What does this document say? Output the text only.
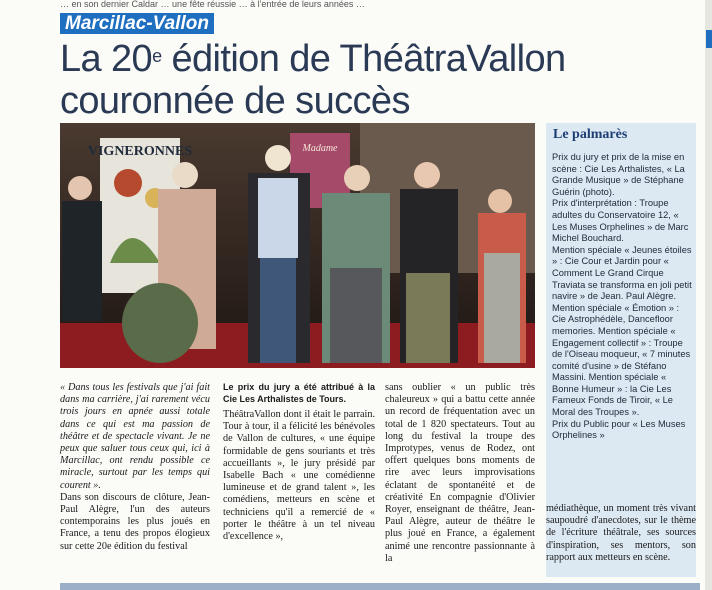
… en son dernier Caldar … une fête réussie … à l'entrée de leurs années …
Marcillac-Vallon
La 20e édition de ThéâtraVallon
couronnée de succès
VIGNERONNES	Madame
Le palmarès
Prix du jury et prix de la mise en scène : Cie Les Arthalistes, « La Grande Musique » de Stéphane Guérin (photo).
Prix d'interprétation : Troupe adultes du Conservatoire 12, « Les Muses Orphelines » de Marc Michel Bouchard.
Mention spéciale « Jeunes étoiles » : Cie Cour et Jardin pour « Comment Le Grand Cirque Traviata se transforma en joli petit navire » de Jean. Paul Alègre.
Mention spéciale « Émotion » : Cie Astrophédèle, Dancefloor memories. Mention spéciale « Engagement collectif » : Troupe de l'Oiseau moqueur, « 7 minutes comité d'usine » de Stéfano Massini. Mention spéciale « Bonne Humeur » : la Cie Les Fameux Fonds de Tiroir, « Le Moral des Troupes ».
Prix du Public pour « Les Muses Orphelines »
« Dans tous les festivals que j'ai fait dans ma carrière, j'ai rarement vécu trois jours en apnée aussi totale dans ce qui est ma passion de théâtre et de spectacle vivant. Je ne peux que saluer tous ceux qui, ici à Marcillac, ont rendu possible ce miracle, surtout par les temps qui courent ».
Dans son discours de clôture, Jean-Paul Alègre, l'un des auteurs contemporains les plus joués en France, a tenu des propos élogieux sur cette 20e édition du festival
Le prix du jury a été attribué à la Cie Les Arthalistes de Tours.
ThéâtraVallon dont il était le parrain. Tour à tour, il a félicité les bénévoles de Vallon de cultures, « une équipe formidable de gens souriants et très accueillants », le jury présidé par Isabelle Bach « une comédienne lumineuse et de grand talent », les comédiens, metteurs en scène et techniciens qu'il a remercié de « porter le théâtre à un tel niveau d'excellence »,
sans oublier « un public très chaleureux » qui a battu cette année un record de fréquentation avec un total de 1 820 spectateurs. Tout au long du festival la troupe des Improtypes, venus de Rodez, ont offert quelques bons moments de rire avec leurs improvisations éclatant de spontanéité et de créativité En compagnie d'Olivier Royer, enseignant de théâtre, Jean-Paul Alègre, auteur de théâtre le plus joué en France, a également animé une rencontre passionnante à la
médiathèque, un moment très vivant saupoudré d'anecdotes, sur le thème de l'écriture théâtrale, ses sources d'inspiration, ses mentors, son rapport aux metteurs en scène.
